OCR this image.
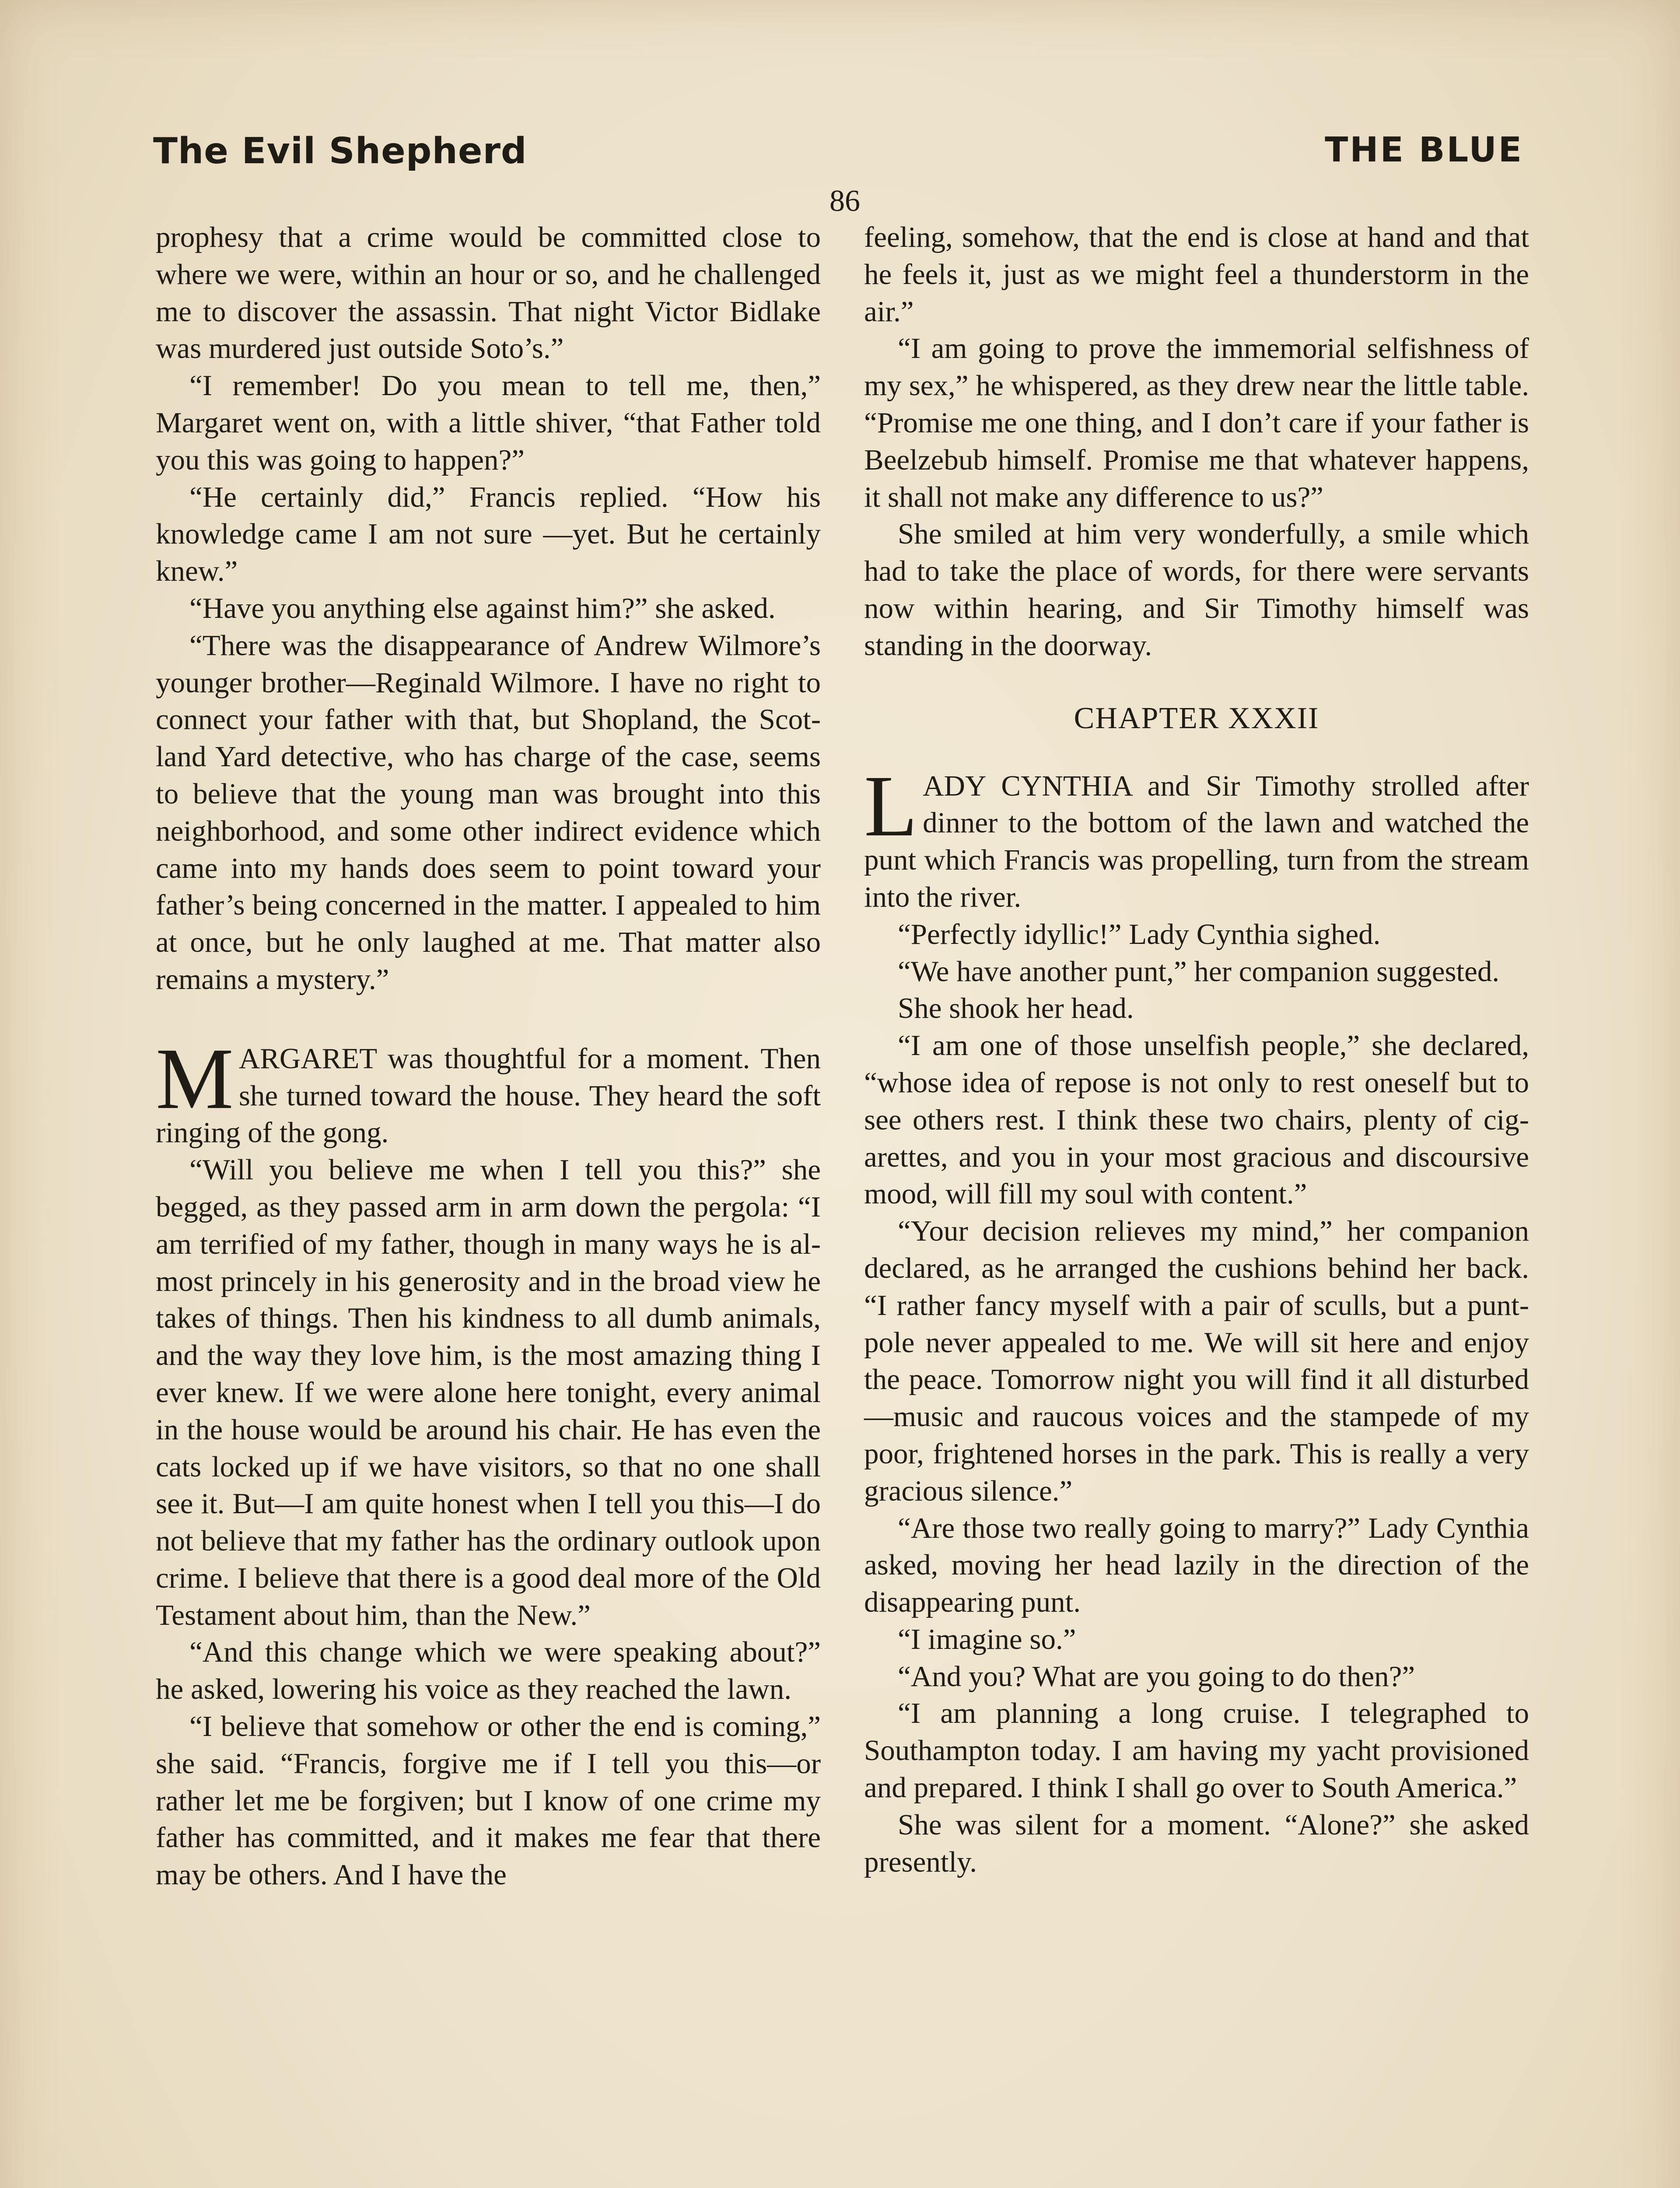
The Evil Shepherd	THE BLUE
86

prophesy that a crime would be committed close to where we were, within an hour or so, and he challenged me to discover the assassin. That night Victor Bidlake was murdered just outside Soto’s.”

“I remember! Do you mean to tell me, then,” Margaret went on, with a little shiver, “that Father told you this was going to happen?”

“He certainly did,” Francis replied. “How his knowledge came I am not sure —yet. But he certainly knew.”

“Have you anything else against him?” she asked.

“There was the disappearance of Andrew Wilmore’s younger brother—Reginald Wilmore. I have no right to connect your father with that, but Shopland, the Scotland Yard detective, who has charge of the case, seems to believe that the young man was brought into this neighborhood, and some other indirect evidence which came into my hands does seem to point toward your father’s being concerned in the matter. I appealed to him at once, but he only laughed at me. That matter also remains a mystery.”

MARGARET was thoughtful for a moment. Then she turned toward the house. They heard the soft ringing of the gong.

“Will you believe me when I tell you this?” she begged, as they passed arm in arm down the pergola: “I am terrified of my father, though in many ways he is almost princely in his generosity and in the broad view he takes of things. Then his kindness to all dumb animals, and the way they love him, is the most amazing thing I ever knew. If we were alone here tonight, every animal in the house would be around his chair. He has even the cats locked up if we have visitors, so that no one shall see it. But—I am quite honest when I tell you this—I do not believe that my father has the ordinary outlook upon crime. I believe that there is a good deal more of the Old Testament about him, than the New.”

“And this change which we were speaking about?” he asked, lowering his voice as they reached the lawn.

“I believe that somehow or other the end is coming,” she said. “Francis, forgive me if I tell you this—or rather let me be forgiven; but I know of one crime my father has committed, and it makes me fear that there may be others. And I have the

feeling, somehow, that the end is close at hand and that he feels it, just as we might feel a thunderstorm in the air.”

“I am going to prove the immemorial selfishness of my sex,” he whispered, as they drew near the little table. “Promise me one thing, and I don’t care if your father is Beelzebub himself. Promise me that whatever happens, it shall not make any difference to us?”

She smiled at him very wonderfully, a smile which had to take the place of words, for there were servants now within hearing, and Sir Timothy himself was standing in the doorway.

CHAPTER XXXII

LADY CYNTHIA and Sir Timothy strolled after dinner to the bottom of the lawn and watched the punt which Francis was propelling, turn from the stream into the river.

“Perfectly idyllic!” Lady Cynthia sighed.

“We have another punt,” her companion suggested.

She shook her head.

“I am one of those unselfish people,” she declared, “whose idea of repose is not only to rest oneself but to see others rest. I think these two chairs, plenty of cigarettes, and you in your most gracious and discoursive mood, will fill my soul with content.”

“Your decision relieves my mind,” her companion declared, as he arranged the cushions behind her back. “I rather fancy myself with a pair of sculls, but a puntpole never appealed to me. We will sit here and enjoy the peace. Tomorrow night you will find it all disturbed—music and raucous voices and the stampede of my poor, frightened horses in the park. This is really a very gracious silence.”

“Are those two really going to marry?” Lady Cynthia asked, moving her head lazily in the direction of the disappearing punt.

“I imagine so.”

“And you? What are you going to do then?”

“I am planning a long cruise. I telegraphed to Southampton today. I am having my yacht provisioned and prepared. I think I shall go over to South America.”

She was silent for a moment. “Alone?” she asked presently.
